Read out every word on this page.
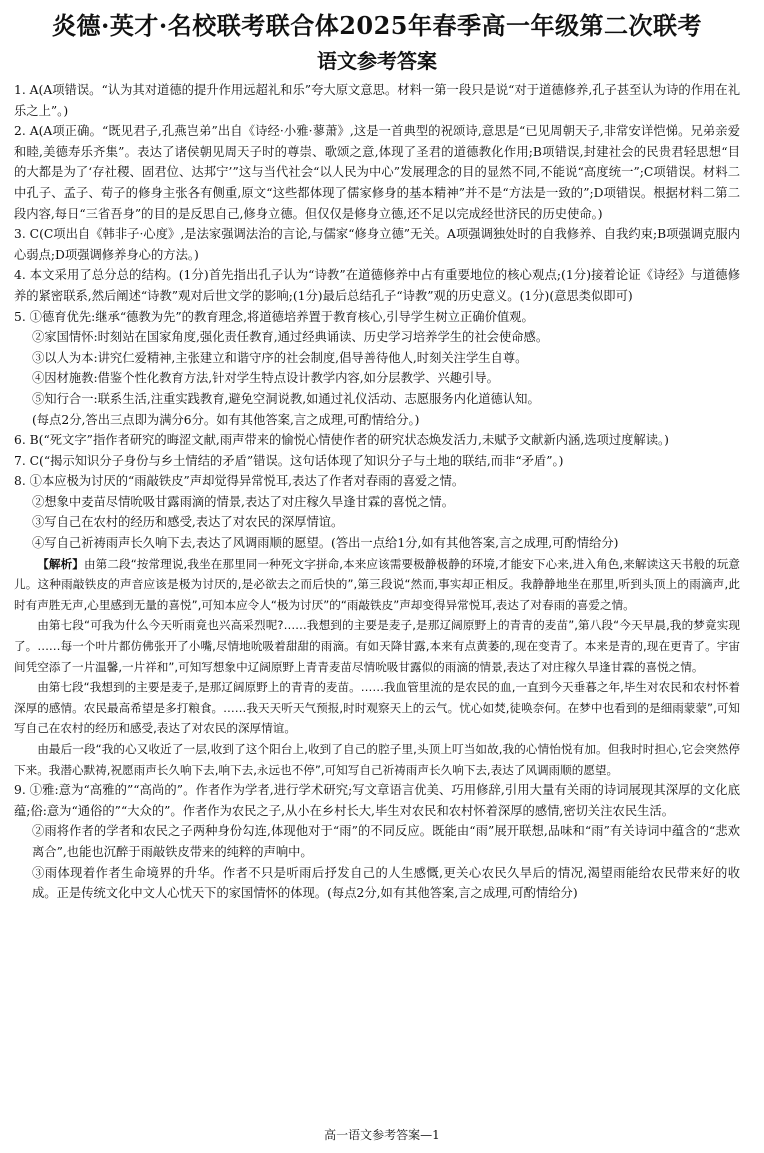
炎德·英才·名校联考联合体2025年春季高一年级第二次联考
语文参考答案

1. A(A项错误。“认为其对道德的提升作用远超礼和乐”夸大原文意思。材料一第一段只是说“对于道德修养,孔子甚至认为诗的作用在礼乐之上”。)

2. A(A项正确。“既见君子,孔燕岂弟”出自《诗经·小雅·蓼萧》,这是一首典型的祝颂诗,意思是“已见周朝天子,非常安详恺悌。兄弟亲爱和睦,美德寿乐齐集”。表达了诸侯朝见周天子时的尊崇、歌颂之意,体现了圣君的道德教化作用;B项错误,封建社会的民贵君轻思想“目的大都是为了‘存社稷、固君位、达邦宁’”这与当代社会“以人民为中心”发展理念的目的显然不同,不能说“高度统一”;C项错误。材料二中孔子、孟子、荀子的修身主张各有侧重,原文“这些都体现了儒家修身的基本精神”并不是“方法是一致的”;D项错误。根据材料二第二段内容,每日“三省吾身”的目的是反思自己,修身立德。但仅仅是修身立德,还不足以完成经世济民的历史使命。)

3. C(C项出自《韩非子·心度》,是法家强调法治的言论,与儒家“修身立德”无关。A项强调独处时的自我修养、自我约束;B项强调克服内心弱点;D项强调修养身心的方法。)

4. 本文采用了总分总的结构。(1分)首先指出孔子认为“诗教”在道德修养中占有重要地位的核心观点;(1分)接着论证《诗经》与道德修养的紧密联系,然后阐述“诗教”观对后世文学的影响;(1分)最后总结孔子“诗教”观的历史意义。(1分)(意思类似即可)

5. ①德育优先:继承“德教为先”的教育理念,将道德培养置于教育核心,引导学生树立正确价值观。

②家国情怀:时刻站在国家角度,强化责任教育,通过经典诵读、历史学习培养学生的社会使命感。

③以人为本:讲究仁爱精神,主张建立和谐守序的社会制度,倡导善待他人,时刻关注学生自尊。

④因材施教:借鉴个性化教育方法,针对学生特点设计教学内容,如分层教学、兴趣引导。

⑤知行合一:联系生活,注重实践教育,避免空洞说教,如通过礼仪活动、志愿服务内化道德认知。

(每点2分,答出三点即为满分6分。如有其他答案,言之成理,可酌情给分。)

6. B(“死文字”指作者研究的晦涩文献,雨声带来的愉悦心情使作者的研究状态焕发活力,未赋予文献新内涵,选项过度解读。)

7. C(“揭示知识分子身份与乡土情结的矛盾”错误。这句话体现了知识分子与土地的联结,而非“矛盾”。)

8. ①本应极为讨厌的“雨敲铁皮”声却觉得异常悦耳,表达了作者对春雨的喜爱之情。

②想象中麦苗尽情吮吸甘露雨滴的情景,表达了对庄稼久旱逢甘霖的喜悦之情。

③写自己在农村的经历和感受,表达了对农民的深厚情谊。

④写自己祈祷雨声长久响下去,表达了风调雨顺的愿望。(答出一点给1分,如有其他答案,言之成理,可酌情给分)

【解析】由第二段“按常理说,我坐在那里同一种死文字拼命,本来应该需要极静极静的环境,才能安下心来,进入角色,来解读这天书般的玩意儿。这种雨敲铁皮的声音应该是极为讨厌的,是必欲去之而后快的”,第三段说“然而,事实却正相反。我静静地坐在那里,听到头顶上的雨滴声,此时有声胜无声,心里感到无量的喜悦”,可知本应令人“极为讨厌”的“雨敲铁皮”声却变得异常悦耳,表达了对春雨的喜爱之情。

由第七段“可我为什么今天听雨竟也兴高采烈呢?……我想到的主要是麦子,是那辽阔原野上的青青的麦苗”,第八段“今天早晨,我的梦竟实现了。……每一个叶片都仿佛张开了小嘴,尽情地吮吸着甜甜的雨滴。有如天降甘露,本来有点黄萎的,现在变青了。本来是青的,现在更青了。宇宙间凭空添了一片温馨,一片祥和”,可知写想象中辽阔原野上青青麦苗尽情吮吸甘露似的雨滴的情景,表达了对庄稼久旱逢甘霖的喜悦之情。

由第七段“我想到的主要是麦子,是那辽阔原野上的青青的麦苗。……我血管里流的是农民的血,一直到今天垂暮之年,毕生对农民和农村怀着深厚的感情。农民最高希望是多打粮食。……我天天听天气预报,时时观察天上的云气。忧心如焚,徒唤奈何。在梦中也看到的是细雨蒙蒙”,可知写自己在农村的经历和感受,表达了对农民的深厚情谊。

由最后一段“我的心又收近了一层,收到了这个阳台上,收到了自己的腔子里,头顶上叮当如故,我的心情怡悦有加。但我时时担心,它会突然停下来。我潜心默祷,祝愿雨声长久响下去,响下去,永远也不停”,可知写自己祈祷雨声长久响下去,表达了风调雨顺的愿望。

9. ①雅:意为“高雅的”“高尚的”。作者作为学者,进行学术研究;写文章语言优美、巧用修辞,引用大量有关雨的诗词展现其深厚的文化底蕴;俗:意为“通俗的”“大众的”。作者作为农民之子,从小在乡村长大,毕生对农民和农村怀着深厚的感情,密切关注农民生活。

②雨将作者的学者和农民之子两种身份勾连,体现他对于“雨”的不同反应。既能由“雨”展开联想,品味和“雨”有关诗词中蕴含的“悲欢离合”,也能也沉醉于雨敲铁皮带来的纯粹的声响中。

③雨体现着作者生命境界的升华。作者不只是听雨后抒发自己的人生感慨,更关心农民久旱后的情况,渴望雨能给农民带来好的收成。正是传统文化中文人心忧天下的家国情怀的体现。(每点2分,如有其他答案,言之成理,可酌情给分)

高一语文参考答案—1
